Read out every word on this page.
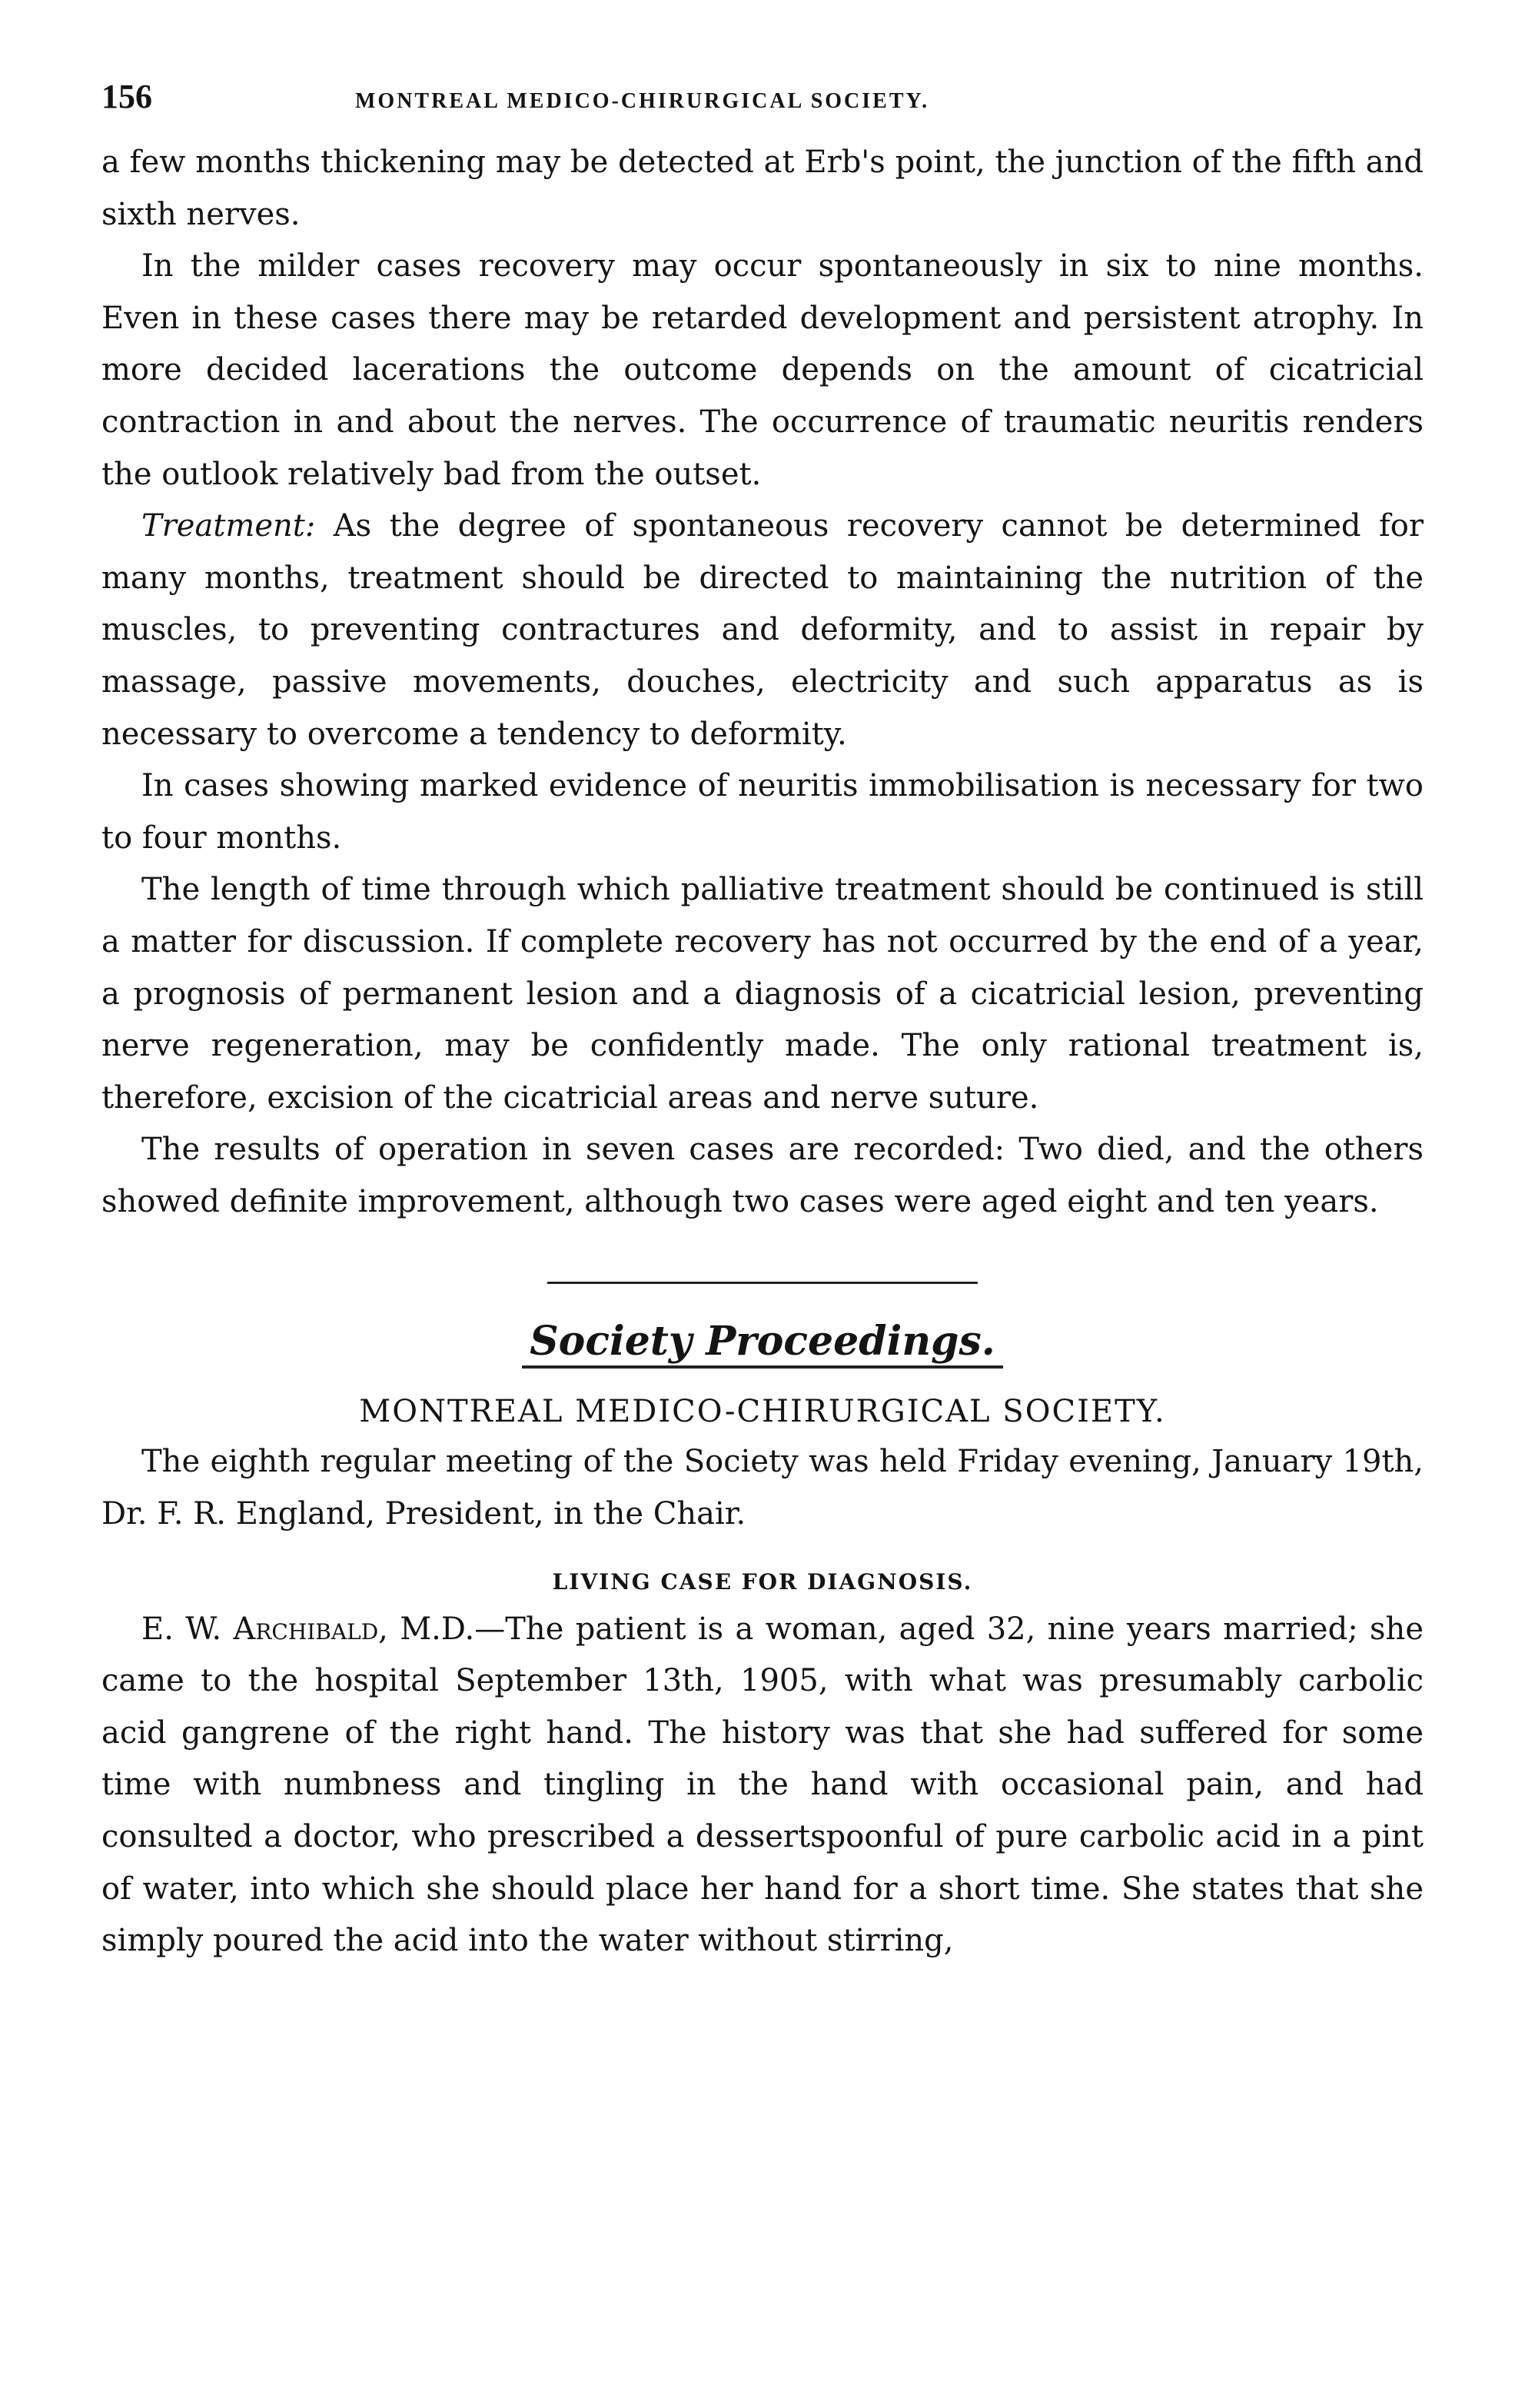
156	MONTREAL MEDICO-CHIRURGICAL SOCIETY.

a few months thickening may be detected at Erb's point, the junction of the fifth and sixth nerves.

In the milder cases recovery may occur spontaneously in six to nine months. Even in these cases there may be retarded development and persistent atrophy. In more decided lacerations the outcome depends on the amount of cicatricial contraction in and about the nerves. The occurrence of traumatic neuritis renders the outlook relatively bad from the outset.

Treatment: As the degree of spontaneous recovery cannot be determined for many months, treatment should be directed to maintaining the nutrition of the muscles, to preventing contractures and deformity, and to assist in repair by massage, passive movements, douches, electricity and such apparatus as is necessary to overcome a tendency to deformity.

In cases showing marked evidence of neuritis immobilisation is necessary for two to four months.

The length of time through which palliative treatment should be continued is still a matter for discussion. If complete recovery has not occurred by the end of a year, a prognosis of permanent lesion and a diagnosis of a cicatricial lesion, preventing nerve regeneration, may be confidently made. The only rational treatment is, therefore, excision of the cicatricial areas and nerve suture.

The results of operation in seven cases are recorded: Two died, and the others showed definite improvement, although two cases were aged eight and ten years.

Society Proceedings.
MONTREAL MEDICO-CHIRURGICAL SOCIETY.

The eighth regular meeting of the Society was held Friday evening, January 19th, Dr. F. R. England, President, in the Chair.

LIVING CASE FOR DIAGNOSIS.

E. W. Archibald, M.D.—The patient is a woman, aged 32, nine years married; she came to the hospital September 13th, 1905, with what was presumably carbolic acid gangrene of the right hand. The history was that she had suffered for some time with numbness and tingling in the hand with occasional pain, and had consulted a doctor, who prescribed a dessertspoonful of pure carbolic acid in a pint of water, into which she should place her hand for a short time. She states that she simply poured the acid into the water without stirring,
